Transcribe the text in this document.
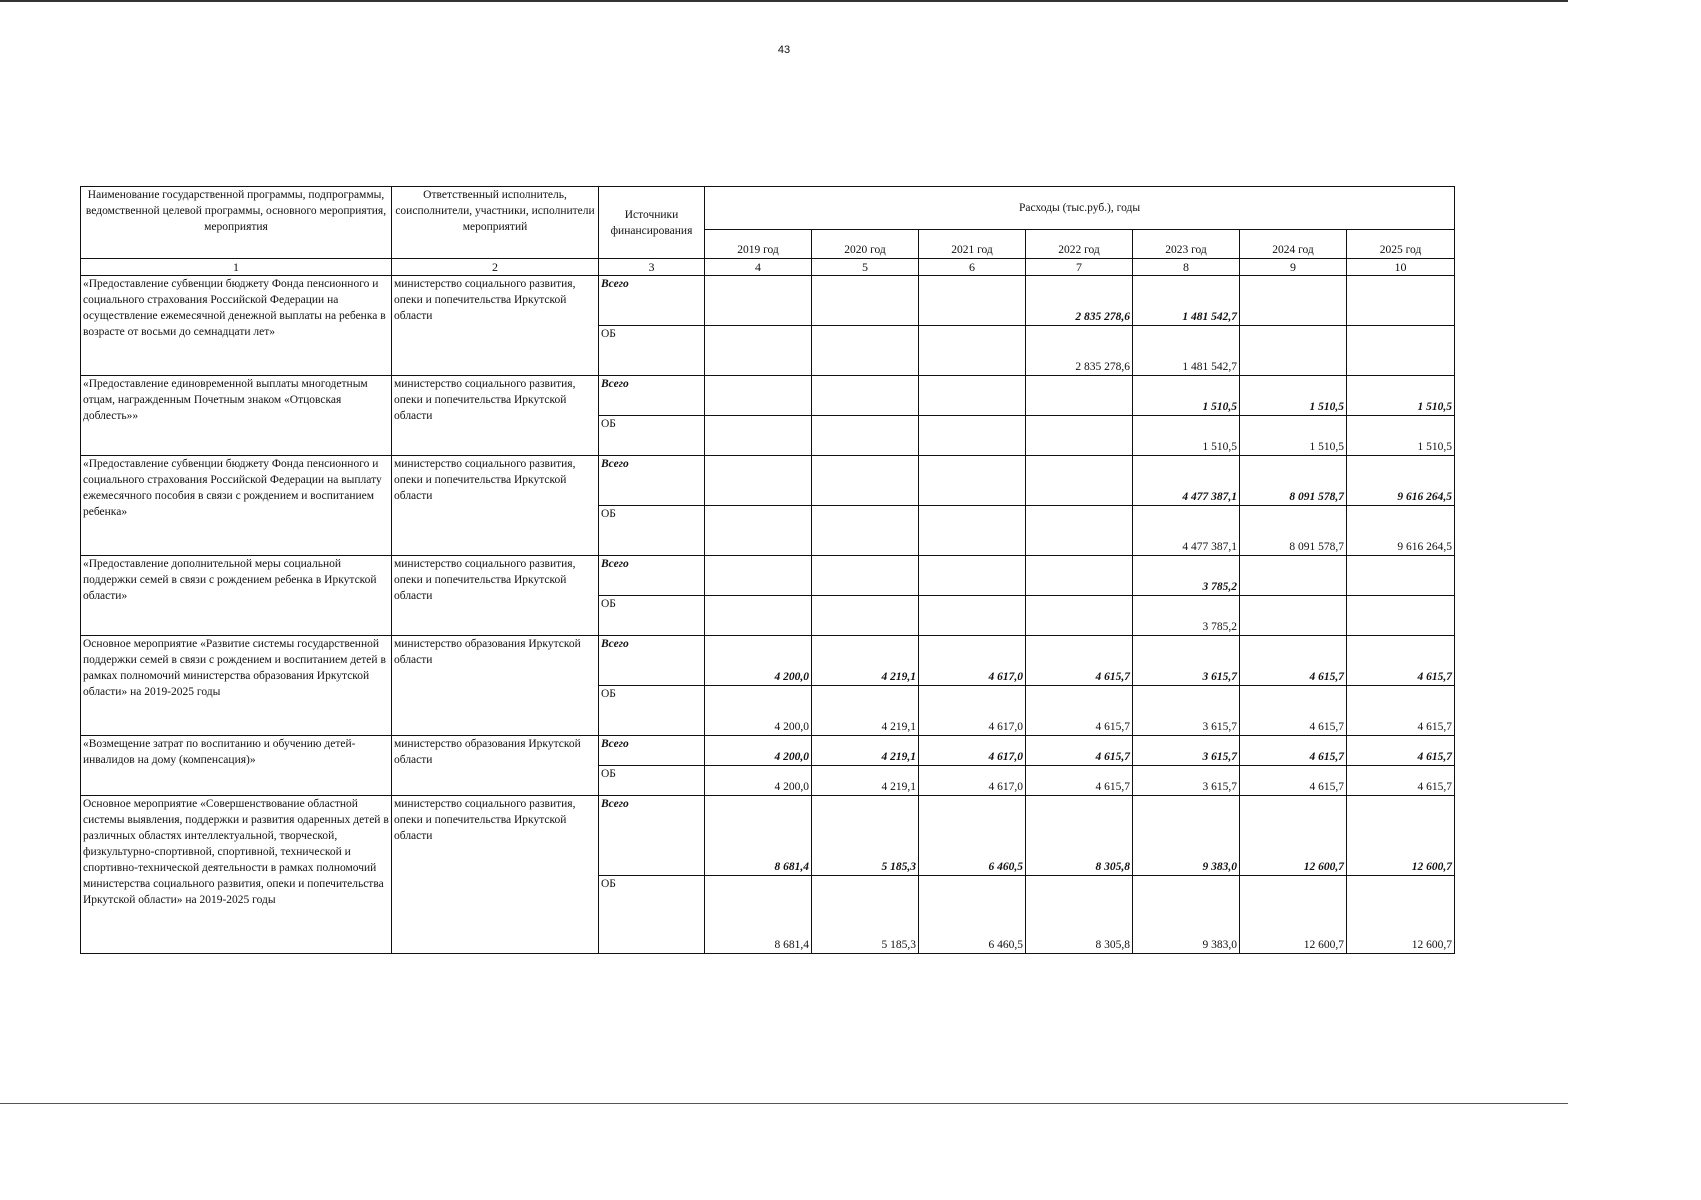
43
Наименование государственной программы, подпрограммы, ведомственной целевой программы, основного мероприятия, мероприятия	Ответственный исполнитель, соисполнители, участники, исполнители мероприятий	Источники финансирования	Расходы (тыс.руб.), годы						
			2019 год	2020 год	2021 год	2022 год	2023 год	2024 год	2025 год
1	2	3	4	5	6	7	8	9	10
«Предоставление субвенции бюджету Фонда пенсионного и социального страхования Российской Федерации на осуществление ежемесячной денежной выплаты на ребенка в возрасте от восьми до семнадцати лет»	министерство социального развития, опеки и попечительства Иркутской области	Всего				2 835 278,6	1 481 542,7		
		ОБ				2 835 278,6	1 481 542,7		
«Предоставление единовременной выплаты многодетным отцам, награжденным Почетным знаком «Отцовская доблесть»»	министерство социального развития, опеки и попечительства Иркутской области	Всего					1 510,5	1 510,5	1 510,5
		ОБ					1 510,5	1 510,5	1 510,5
«Предоставление субвенции бюджету Фонда пенсионного и социального страхования Российской Федерации на выплату ежемесячного пособия в связи с рождением и воспитанием ребенка»	министерство социального развития, опеки и попечительства Иркутской области	Всего					4 477 387,1	8 091 578,7	9 616 264,5
		ОБ					4 477 387,1	8 091 578,7	9 616 264,5
«Предоставление дополнительной меры социальной поддержки семей в связи с рождением ребенка в Иркутской области»	министерство социального развития, опеки и попечительства Иркутской области	Всего					3 785,2		
		ОБ					3 785,2		
Основное мероприятие «Развитие системы государственной поддержки семей в связи с рождением и воспитанием детей в рамках полномочий министерства образования Иркутской области» на 2019-2025 годы	министерство образования Иркутской области	Всего	4 200,0	4 219,1	4 617,0	4 615,7	3 615,7	4 615,7	4 615,7
		ОБ	4 200,0	4 219,1	4 617,0	4 615,7	3 615,7	4 615,7	4 615,7
«Возмещение затрат по воспитанию и обучению детей-инвалидов на дому (компенсация)»	министерство образования Иркутской области	Всего	4 200,0	4 219,1	4 617,0	4 615,7	3 615,7	4 615,7	4 615,7
		ОБ	4 200,0	4 219,1	4 617,0	4 615,7	3 615,7	4 615,7	4 615,7
Основное мероприятие «Совершенствование областной системы выявления, поддержки и развития одаренных детей в различных областях интеллектуальной, творческой, физкультурно-спортивной, спортивной, технической и спортивно-технической деятельности в рамках полномочий министерства социального развития, опеки и попечительства Иркутской области» на 2019-2025 годы	министерство социального развития, опеки и попечительства Иркутской области	Всего	8 681,4	5 185,3	6 460,5	8 305,8	9 383,0	12 600,7	12 600,7
		ОБ	8 681,4	5 185,3	6 460,5	8 305,8	9 383,0	12 600,7	12 600,7
